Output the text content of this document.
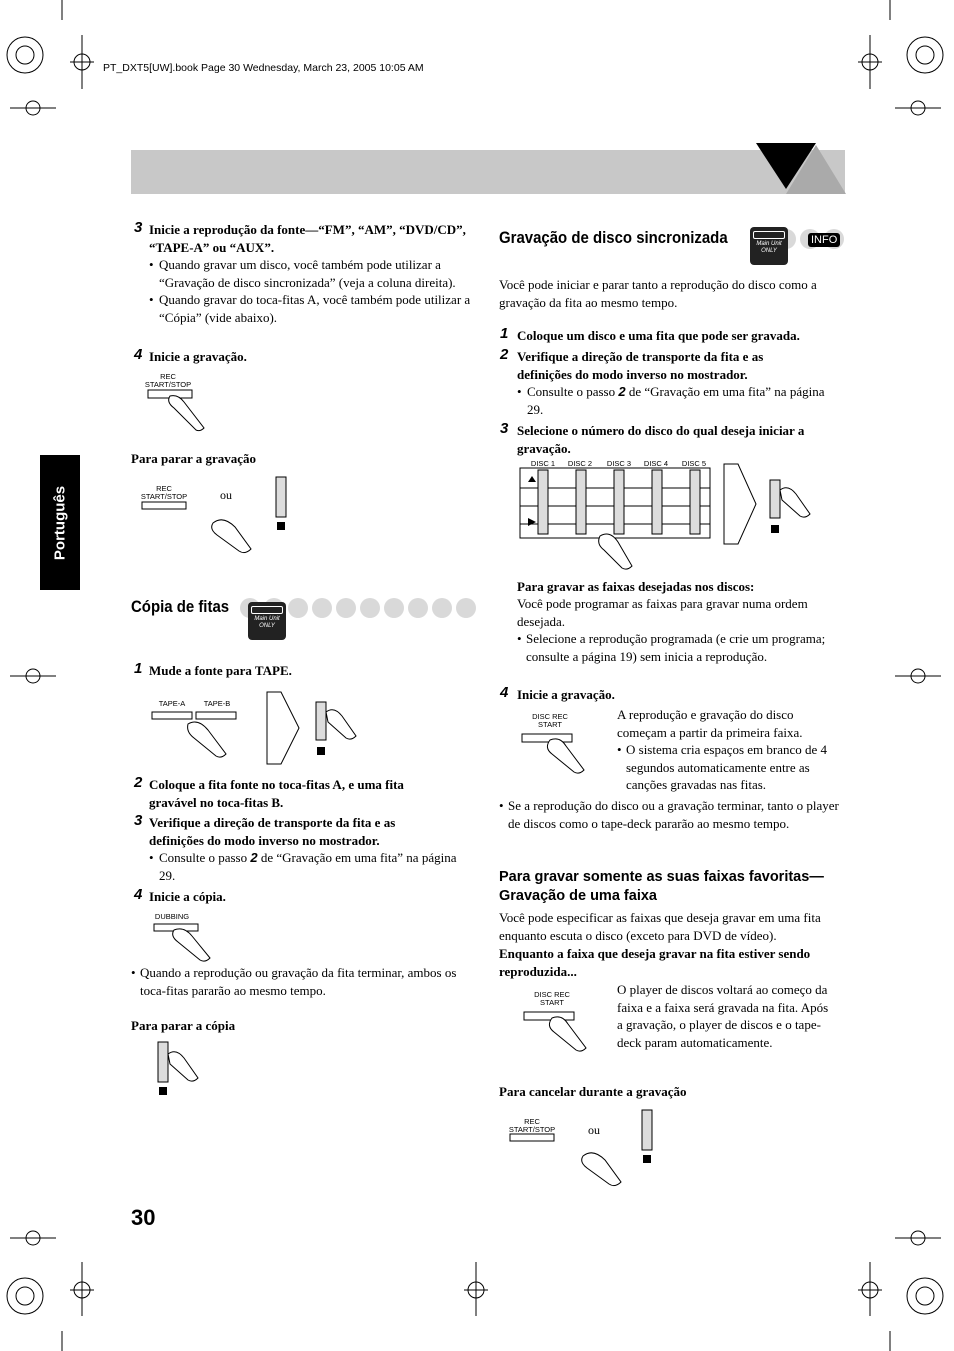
PT_DXT5[UW].book Page 30 Wednesday, March 23, 2005 10:05 AM
Português
3 Inicie a reprodução da fonte—“FM”, “AM”, “DVD/CD”, “TAPE-A” ou “AUX”.
• Quando gravar um disco, você também pode utilizar a “Gravação de disco sincronizada” (veja a coluna direita).
• Quando gravar do toca-fitas A, você também pode utilizar a “Cópia” (vide abaixo).
4 Inicie a gravação.
REC START/STOP
Para parar a gravação
REC START/STOP	ou
Cópia de fitas
Main Unit
ONLY
1 Mude a fonte para TAPE.
TAPE-A	TAPE-B
2 Coloque a fita fonte no toca-fitas A, e uma fita gravável no toca-fitas B.
3 Verifique a direção de transporte da fita e as definições do modo inverso no mostrador.
• Consulte o passo 2 de “Gravação em uma fita” na página 29.
4 Inicie a cópia.
DUBBING
• Quando a reprodução ou gravação da fita terminar, ambos os toca-fitas pararão ao mesmo tempo.
Para parar a cópia
Gravação de disco sincronizada	Main Unit
ONLY
INFO
Você pode iniciar e parar tanto a reprodução do disco como a gravação da fita ao mesmo tempo.
1 Coloque um disco e uma fita que pode ser gravada.
2 Verifique a direção de transporte da fita e as definições do modo inverso no mostrador.
• Consulte o passo 2 de “Gravação em uma fita” na página 29.
3 Selecione o número do disco do qual deseja iniciar a gravação.
DISC 1	DISC 2	DISC 3	DISC 4	DISC 5
Para gravar as faixas desejadas nos discos:
Você pode programar as faixas para gravar numa ordem desejada.
• Selecione a reprodução programada (e crie um programa; consulte a página 19) sem inicia a reprodução.
4 Inicie a gravação.
DISC REC START
A reprodução e gravação do disco começam a partir da primeira faixa.
• O sistema cria espaços em branco de 4 segundos automaticamente entre as canções gravadas nas fitas.
• Se a reprodução do disco ou a gravação terminar, tanto o player de discos como o tape-deck pararão ao mesmo tempo.
Para gravar somente as suas faixas favoritas—Gravação de uma faixa
Você pode especificar as faixas que deseja gravar em uma fita enquanto escuta o disco (exceto para DVD de vídeo).
Enquanto a faixa que deseja gravar na fita estiver sendo reproduzida...
DISC REC START
O player de discos voltará ao começo da faixa e a faixa será gravada na fita. Após a gravação, o player de discos e o tape-deck param automaticamente.
Para cancelar durante a gravação
REC START/STOP	ou
30
